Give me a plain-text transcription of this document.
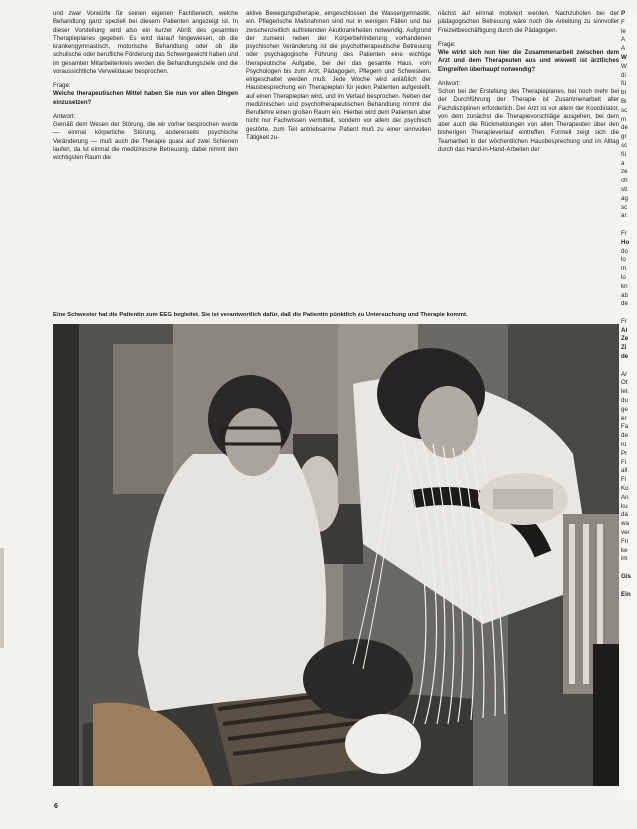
und zwar Vorwürfe für seinen eigenen Fachbereich, welche Behandlung ganz speziell bei diesem Patienten angezeigt ist. In dieser Vorstellung wird also ein kurzer Abriß des gesamten Therapieplanes gegeben. Es wird darauf hingewiesen, ob die krankengymnastisch, motorische Behandlung oder ob die schulische oder berufliche Förderung das Schwergewicht haben und im gesamten Mitarbeiterkreis werden die Behandlungsziele und die voraussichtliche Verweildauer besprochen.

Frage:

Welche therapeutischen Mittel haben Sie nun vor allen Dingen einzusetzen?

Antwort:

Gemäß dem Wesen der Störung, die wir vorher besprochen wurde — einmal körperliche Störung, andererseits psychische Veränderung — muß auch die Therapie quasi auf zwei Schienen laufen, da ist einmal die medizinische Betreuung, dabei nimmt den wichtigsten Raum die

aktive Bewegungstherapie, eingeschlossen die Wassergymnastik, ein. Pflegerische Maßnahmen sind nur in wenigen Fällen und bei zwischenzeitlich auftretenden Akutkrankheiten notwendig. Aufgrund der zumeist neben der Körperbehinderung vorhandenen psychischen Veränderung ist die psychotherapeutische Betreuung oder psychagogische Führung des Patienten eine wichtige therapeutische Aufgabe, bei der das gesamte Haus, vom Psychologen bis zum Arzt, Pädagogen, Pflegern und Schwestern, eingeschaltet werden muß. Jede Woche wird anläßlich der Hausbesprechung ein Therapieplan für jeden Patienten aufgestellt, auf einen Therapieplan wird, und im Verlauf besprochen. Neben der medizinischen und psychotherapeutischen Behandlung nimmt die Beruflehre einen großen Raum ein. Hierbei wird dem Patienten aber nicht nur Fachwissen vermittelt, sondern vor allem der psychisch gestörte, zum Teil antriebsarme Patient muß zu einer sinnvollen Tätigkeit zu-

nächst auf einmal motiviert werden. Nachzuholen bei der pädagogischen Betreuung wäre noch die Anleitung zu sinnvoller Freizeitbeschäftigung durch die Pädagogen.

Frage:

Wie wirkt sich nun hier die Zusammenarbeit zwischen dem Arzt und dem Therapeuten aus und wieweit ist ärztliches Eingreifen überhaupt notwendig?

Antwort:

Schon bei der Erstellung des Therapieplanes, bei noch mehr bei der Durchführung der Therapie ist Zusammenarbeit aller Fachdisziplinen erforderlich. Der Arzt ist vor allem der Koordinator, von dem zunächst die Therapievorschläge ausgehen, bei dem aber auch die Rückmeldungen von allen Therapeuten über den bisherigen Therapieverlauf eintreffen. Formell zeigt sich die Teamarbeit in der wöchentlichen Hausbesprechung und im Alltag durch das Hand-in-Hand-Arbeiten der

P
F
le
A
A
W
W
di
fü
br
Bi
sc
m
de
gr
sc
fü
a
ze
ch
sti
ag
sc
ar

Fr
Ho
do
lo
m
lo
kn
ab
de

Fr
Al
Ze
Zi
de

Ar
Ot
let
du
ge
er
Fa
de
ru
Pr
Fi
all
Fi
Ko
An
ku
da
wa
ver
Fri
ke
im

Gis

Ein
Eine Schwester hat die Patientin zum EEG begleitet. Sie ist verantwortlich dafür, daß die Patientin pünktlich zu Untersuchung und Therapie kommt.
6
